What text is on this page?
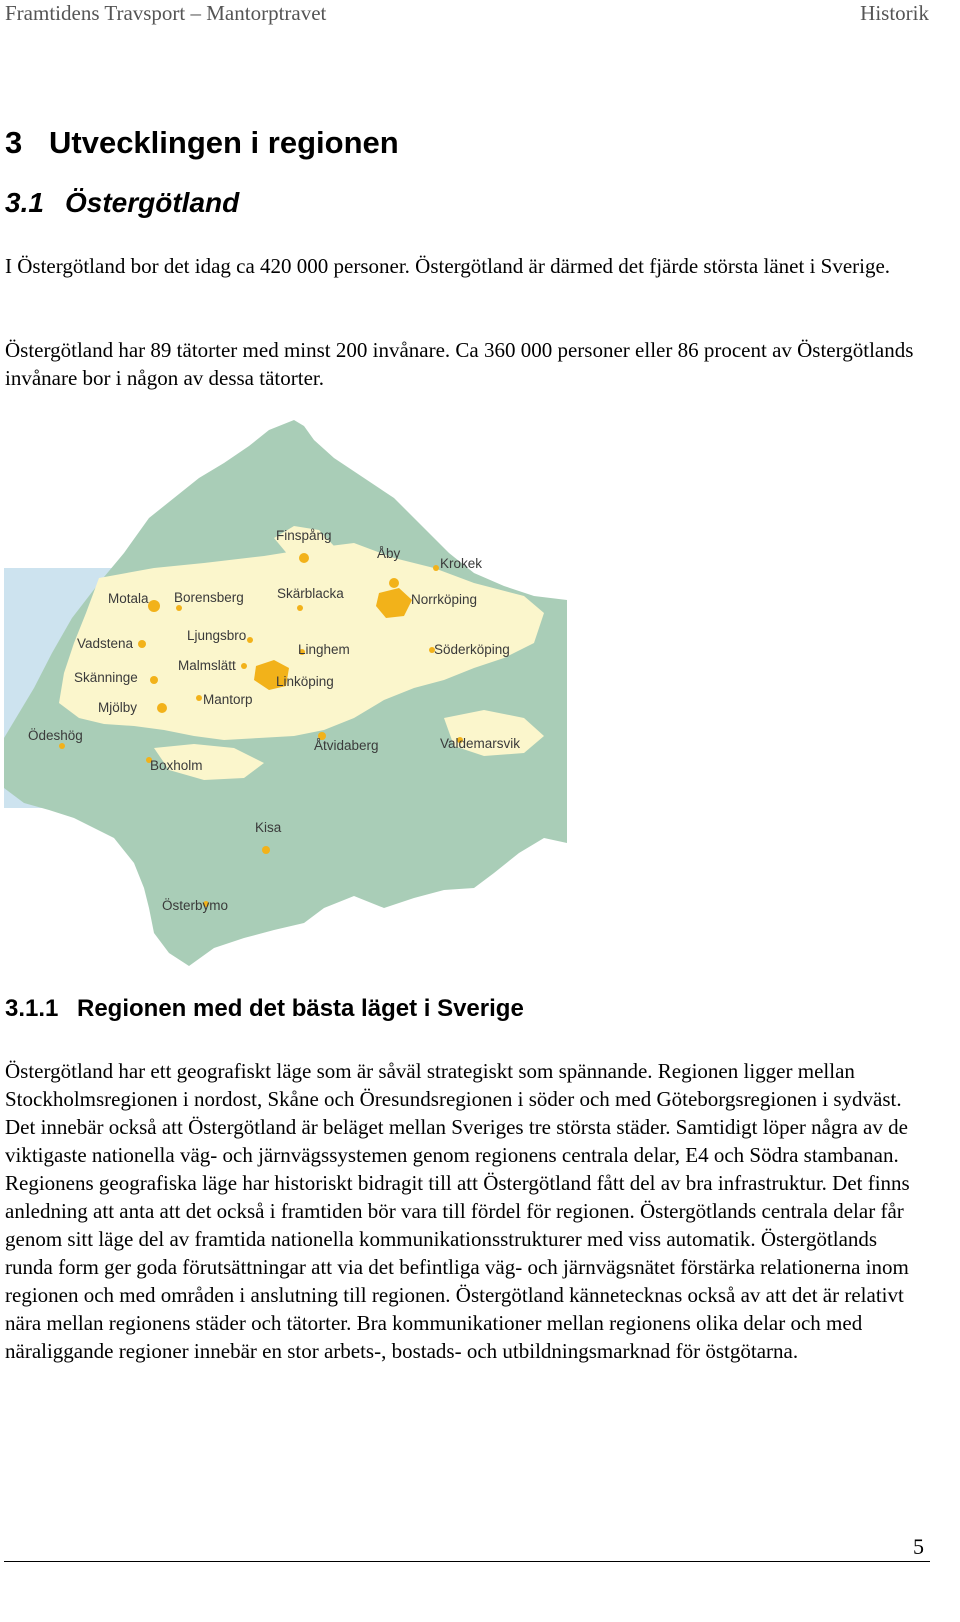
Framtidens Travsport – Mantorptravet	Historik
3 Utvecklingen i regionen
3.1 Östergötland

I Östergötland bor det idag ca 420 000 personer. Östergötland är därmed det fjärde största länet i Sverige.

Östergötland har 89 tätorter med minst 200 invånare. Ca 360 000 personer eller 86 procent av Östergötlands invånare bor i någon av dessa tätorter.

Finspång
Åby
Krokek
Motala Borensberg Skärblacka	Norrköping
Vadstena
Ljungsbro
Linghem	Söderköping
Skänninge
Malmslätt
Linköping
Mjölby
Mantorp
Ödeshög
Åtvidaberg	Valdemarsvik
Boxholm
Kisa
Österbymo
3.1.1 Regionen med det bästa läget i Sverige

Östergötland har ett geografiskt läge som är såväl strategiskt som spännande. Regionen ligger mellan Stockholmsregionen i nordost, Skåne och Öresundsregionen i söder och med Göteborgsregionen i sydväst. Det innebär också att Östergötland är beläget mellan Sveriges tre största städer. Samtidigt löper några av de viktigaste nationella väg- och järnvägssystemen genom regionens centrala delar, E4 och Södra stambanan. Regionens geografiska läge har historiskt bidragit till att Östergötland fått del av bra infrastruktur. Det finns anledning att anta att det också i framtiden bör vara till fördel för regionen. Östergötlands centrala delar får genom sitt läge del av framtida nationella kommunikationsstrukturer med viss automatik. Östergötlands runda form ger goda förutsättningar att via det befintliga väg- och järnvägsnätet förstärka relationerna inom regionen och med områden i anslutning till regionen. Östergötland kännetecknas också av att det är relativt nära mellan regionens städer och tätorter. Bra kommunikationer mellan regionens olika delar och med näraliggande regioner innebär en stor arbets-, bostads- och utbildningsmarknad för östgötarna.

5
